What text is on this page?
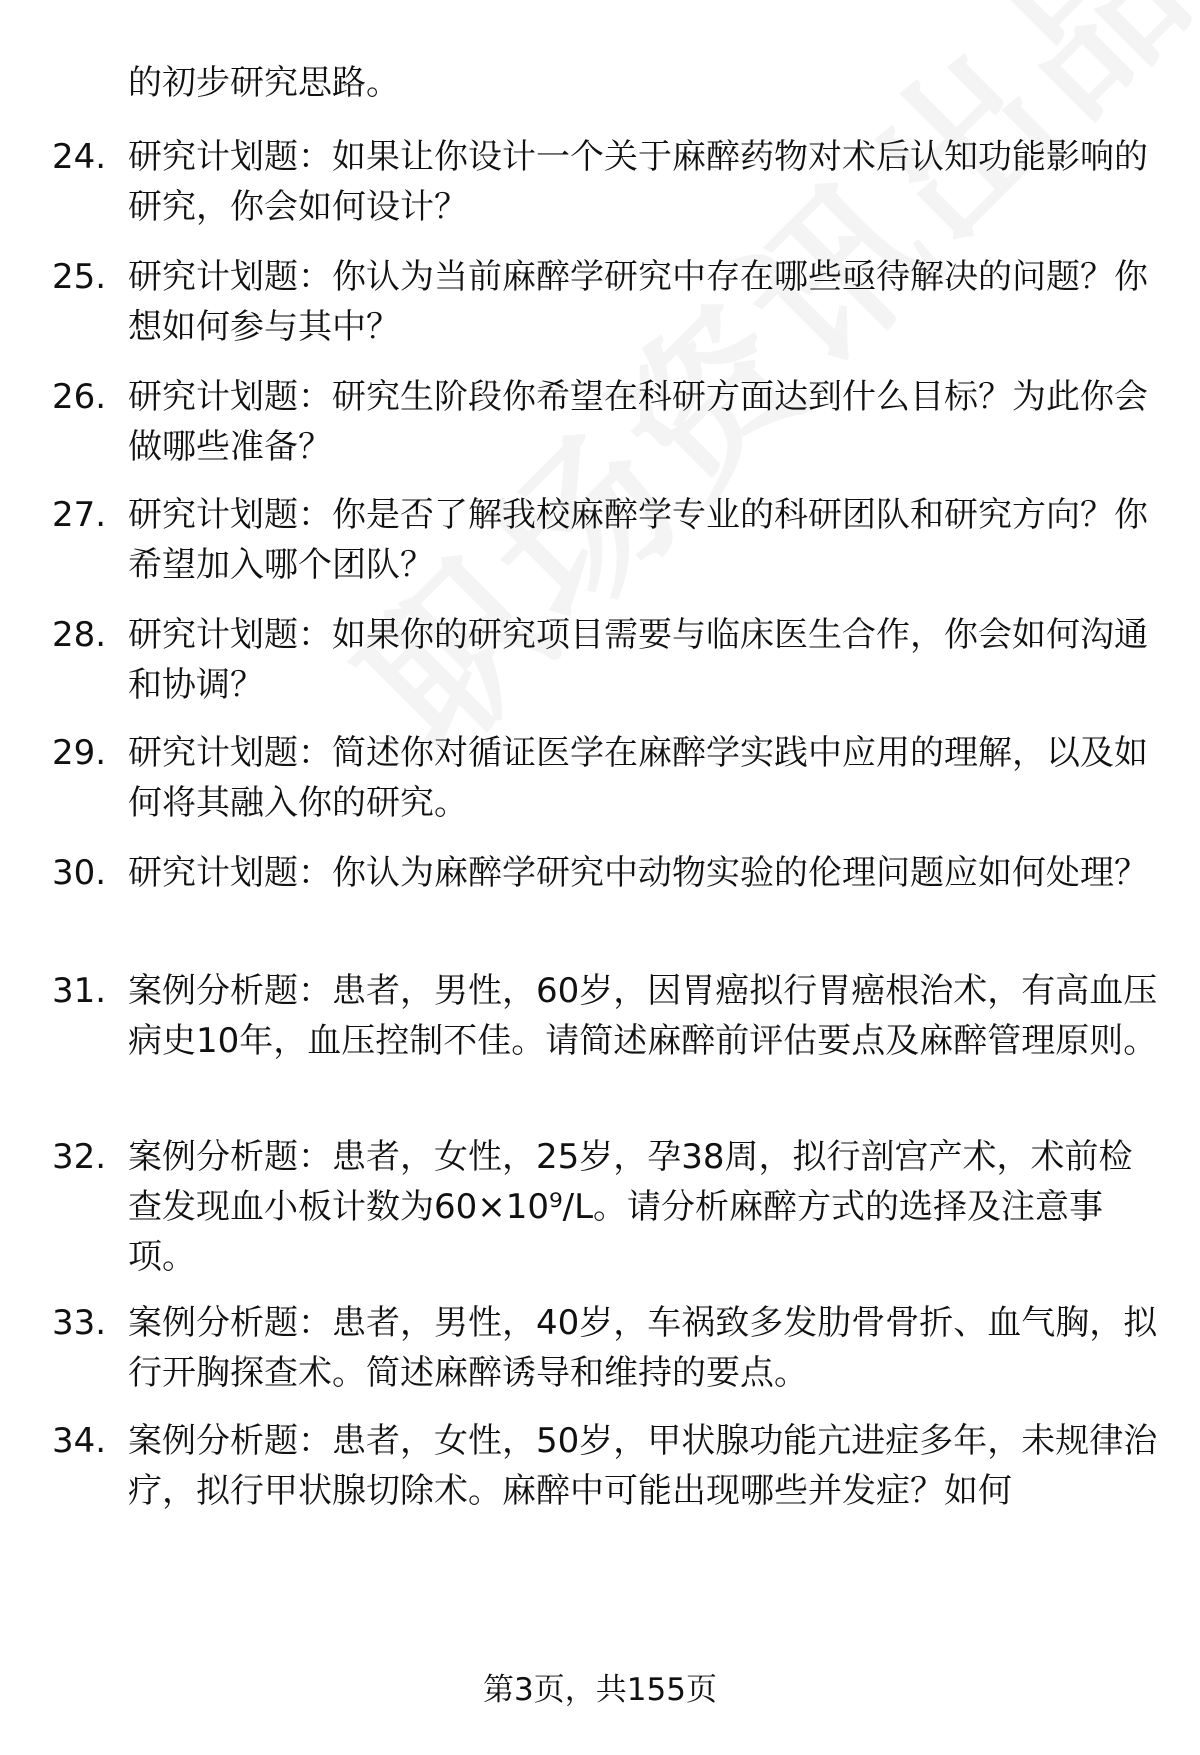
的初步研究思路。
24. 研究计划题：如果让你设计一个关于麻醉药物对术后认知功能影响的研究，你会如何设计？
25. 研究计划题：你认为当前麻醉学研究中存在哪些亟待解决的问题？你想如何参与其中？
26. 研究计划题：研究生阶段你希望在科研方面达到什么目标？为此你会做哪些准备？
27. 研究计划题：你是否了解我校麻醉学专业的科研团队和研究方向？你希望加入哪个团队？
28. 研究计划题：如果你的研究项目需要与临床医生合作，你会如何沟通和协调？
29. 研究计划题：简述你对循证医学在麻醉学实践中应用的理解，以及如何将其融入你的研究。
30. 研究计划题：你认为麻醉学研究中动物实验的伦理问题应如何处理？
31. 案例分析题：患者，男性，60岁，因胃癌拟行胃癌根治术，有高血压病史10年，血压控制不佳。请简述麻醉前评估要点及麻醉管理原则。
32. 案例分析题：患者，女性，25岁，孕38周，拟行剖宫产术，术前检查发现血小板计数为60×10⁹/L。请分析麻醉方式的选择及注意事项。
33. 案例分析题：患者，男性，40岁，车祸致多发肋骨骨折、血气胸，拟行开胸探查术。简述麻醉诱导和维持的要点。
34. 案例分析题：患者，女性，50岁，甲状腺功能亢进症多年，未规律治疗，拟行甲状腺切除术。麻醉中可能出现哪些并发症？如何
第3页，共155页
